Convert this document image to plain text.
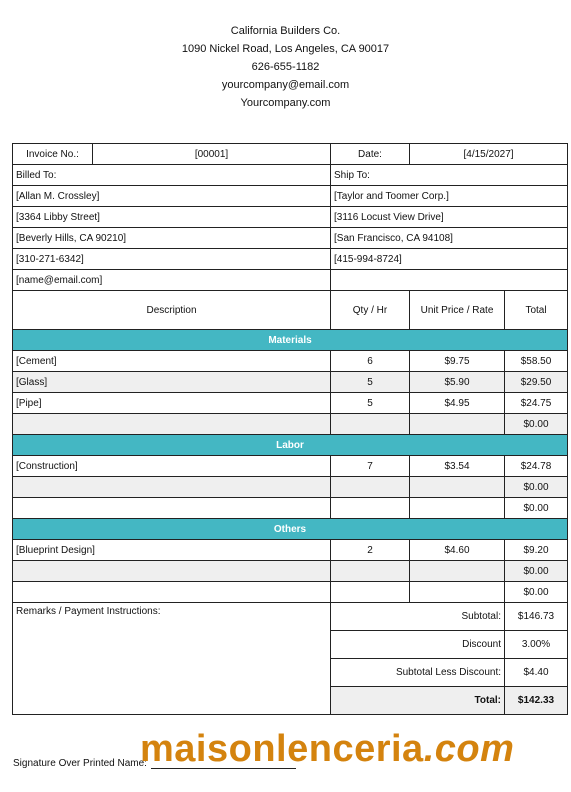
California Builders Co.
1090 Nickel Road, Los Angeles, CA 90017
626-655-1182
yourcompany@email.com
Yourcompany.com
Invoice No.:	[00001]	Date:	[4/15/2027]	
Billed To:		Ship To:		
[Allan M. Crossley]		[Taylor and Toomer Corp.]		
[3364 Libby Street]		[3116 Locust View Drive]		
[Beverly Hills, CA 90210]		[San Francisco, CA 94108]		
[310-271-6342]		[415-994-8724]		
[name@email.com]				
Description		Qty / Hr	Unit Price / Rate	Total
Materials				
[Cement]		6	$9.75	$58.50
[Glass]		5	$5.90	$29.50
[Pipe]		5	$4.95	$24.75
				$0.00
Labor				
[Construction]		7	$3.54	$24.78
				$0.00
				$0.00
Others				
[Blueprint Design]		2	$4.60	$9.20
				$0.00
				$0.00
Remarks / Payment Instructions:		Subtotal:		$146.73
		Discount		3.00%
		Subtotal Less Discount:		$4.40
		Total:		$142.33
Signature Over Printed Name:
maisonlenceria.com
